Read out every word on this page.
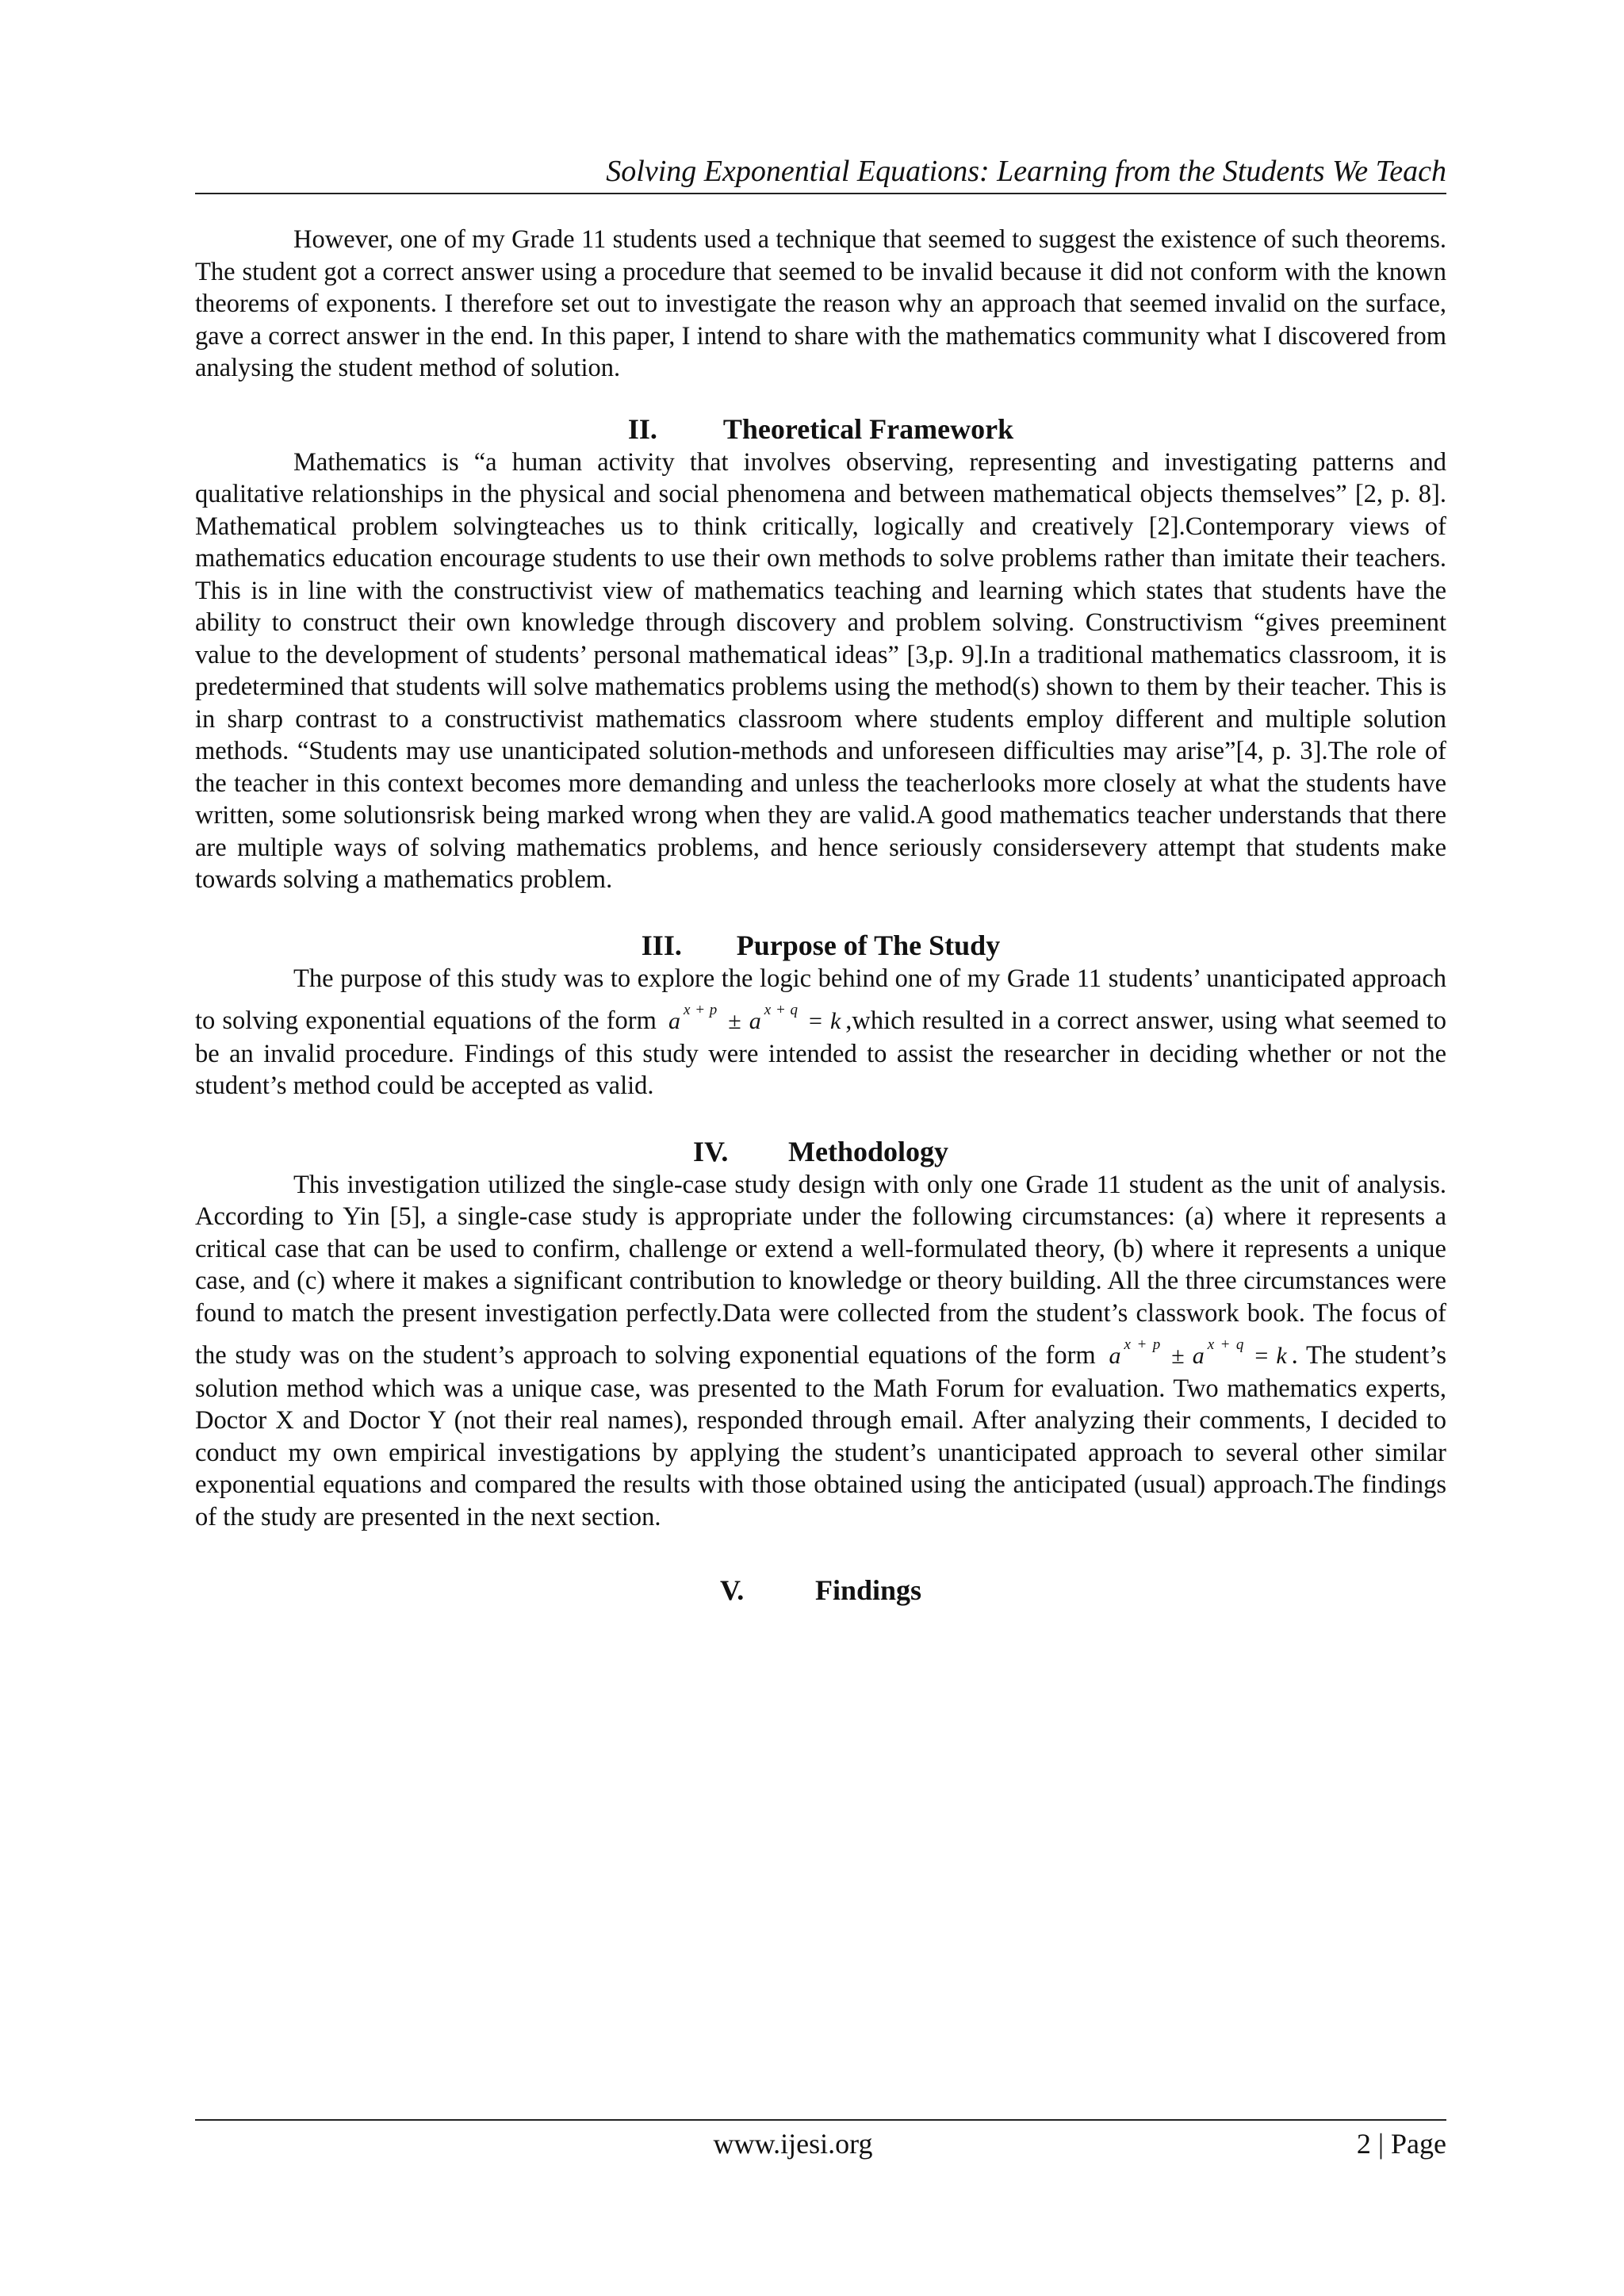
Solving Exponential Equations: Learning from the Students We Teach

However, one of my Grade 11 students used a technique that seemed to suggest the existence of such theorems. The student got a correct answer using a procedure that seemed to be invalid because it did not conform with the known theorems of exponents. I therefore set out to investigate the reason why an approach that seemed invalid on the surface, gave a correct answer in the end. In this paper, I intend to share with the mathematics community what I discovered from analysing the student method of solution.

II. Theoretical Framework

Mathematics is “a human activity that involves observing, representing and investigating patterns and qualitative relationships in the physical and social phenomena and between mathematical objects themselves” [2, p. 8]. Mathematical problem solvingteaches us to think critically, logically and creatively [2].Contemporary views of mathematics education encourage students to use their own methods to solve problems rather than imitate their teachers. This is in line with the constructivist view of mathematics teaching and learning which states that students have the ability to construct their own knowledge through discovery and problem solving. Constructivism “gives preeminent value to the development of students’ personal mathematical ideas” [3,p. 9].In a traditional mathematics classroom, it is predetermined that students will solve mathematics problems using the method(s) shown to them by their teacher. This is in sharp contrast to a constructivist mathematics classroom where students employ different and multiple solution methods. “Students may use unanticipated solution-methods and unforeseen difficulties may arise”[4, p. 3].The role of the teacher in this context becomes more demanding and unless the teacherlooks more closely at what the students have written, some solutionsrisk being marked wrong when they are valid.A good mathematics teacher understands that there are multiple ways of solving mathematics problems, and hence seriously considersevery attempt that students make towards solving a mathematics problem.

III. Purpose of The Study

The purpose of this study was to explore the logic behind one of my Grade 11 students’ unanticipated approach to solving exponential equations of the form a $^{x + p}$ ± a $^{x + q}$ = k ,which resulted in a correct answer, using what seemed to be an invalid procedure. Findings of this study were intended to assist the researcher in deciding whether or not the student’s method could be accepted as valid.

IV. Methodology

This investigation utilized the single-case study design with only one Grade 11 student as the unit of analysis. According to Yin [5], a single-case study is appropriate under the following circumstances: (a) where it represents a critical case that can be used to confirm, challenge or extend a well-formulated theory, (b) where it represents a unique case, and (c) where it makes a significant contribution to knowledge or theory building. All the three circumstances were found to match the present investigation perfectly.Data were collected from the student’s classwork book. The focus of the study was on the student’s approach to solving exponential equations of the form a $^{x + p}$ ± a $^{x + q}$ = k . The student’s solution method which was a unique case, was presented to the Math Forum for evaluation. Two mathematics experts, Doctor X and Doctor Y (not their real names), responded through email. After analyzing their comments, I decided to conduct my own empirical investigations by applying the student’s unanticipated approach to several other similar exponential equations and compared the results with those obtained using the anticipated (usual) approach.The findings of the study are presented in the next section.

V. Findings
www.ijesi.org	2 | Page
